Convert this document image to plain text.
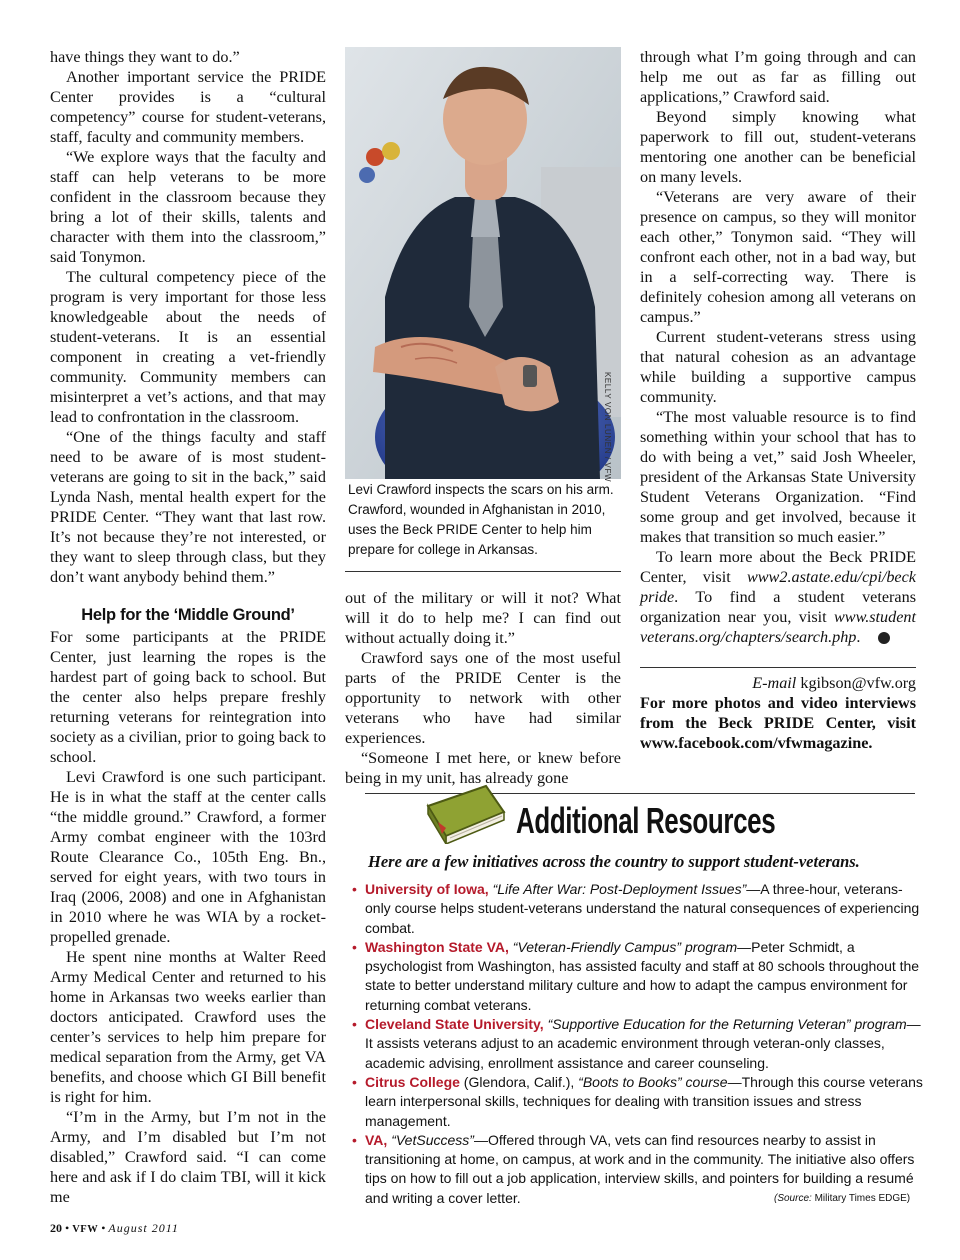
have things they want to do.”

Another important service the PRIDE Center provides is a “cultural competency” course for student-veterans, staff, faculty and community members.

“We explore ways that the faculty and staff can help veterans to be more confident in the classroom because they bring a lot of their skills, talents and character with them into the classroom,” said Tonymon.

The cultural competency piece of the program is very important for those less knowledgeable about the needs of student-veterans. It is an essential component in creating a vet-friendly community. Community members can misinterpret a vet’s actions, and that may lead to confrontation in the classroom.

“One of the things faculty and staff need to be aware of is most student-veterans are going to sit in the back,” said Lynda Nash, mental health expert for the PRIDE Center. “They want that last row. It’s not because they’re not interested, or they want to sleep through class, but they don’t want anybody behind them.”

Help for the ‘Middle Ground’

For some participants at the PRIDE Center, just learning the ropes is the hardest part of going back to school. But the center also helps prepare freshly returning veterans for reintegration into society as a civilian, prior to going back to school.

Levi Crawford is one such participant. He is in what the staff at the center calls “the middle ground.” Crawford, a former Army combat engineer with the 103rd Route Clearance Co., 105th Eng. Bn., served for eight years, with two tours in Iraq (2006, 2008) and one in Afghanistan in 2010 where he was WIA by a rocket-propelled grenade.

He spent nine months at Walter Reed Army Medical Center and returned to his home in Arkansas two weeks earlier than doctors anticipated. Crawford uses the center’s services to help him prepare for medical separation from the Army, get VA benefits, and choose which GI Bill benefit is right for him.

“I’m in the Army, but I’m not in the Army, and I’m disabled but I’m not disabled,” Crawford said. “I can come here and ask if I do claim TBI, will it kick me

KELLY VON LUNEN / VFW
Levi Crawford inspects the scars on his arm. Crawford, wounded in Afghanistan in 2010, uses the Beck PRIDE Center to help him prepare for college in Arkansas.

out of the military or will it not? What will it do to help me? I can find out without actually doing it.”

Crawford says one of the most useful parts of the PRIDE Center is the opportunity to network with other veterans who have had similar experiences.

“Someone I met here, or knew before being in my unit, has already gone

through what I’m going through and can help me out as far as filling out applications,” Crawford said.

Beyond simply knowing what paperwork to fill out, student-veterans mentoring one another can be beneficial on many levels.

“Veterans are very aware of their presence on campus, so they will monitor each other,” Tonymon said. “They will confront each other, not in a bad way, but in a self-correcting way. There is definitely cohesion among all veterans on campus.”

Current student-veterans stress using that natural cohesion as an advantage while building a supportive campus community.

“The most valuable resource is to find something within your school that has to do with being a vet,” said Josh Wheeler, president of the Arkansas State University Student Veterans Organization. “Find some group and get involved, because it makes that transition so much easier.”

To learn more about the Beck PRIDE Center, visit www2.astate.edu/cpi/beck pride. To find a student veterans organization near you, visit www.student veterans.org/chapters/search.php.	✱

E-mail kgibson@vfw.org
For more photos and video interviews from the Beck PRIDE Center, visit www.facebook.com/vfwmagazine.
Additional Resources
Here are a few initiatives across the country to support student-veterans.
• University of Iowa, “Life After War: Post-Deployment Issues”—A three-hour, veterans-only course helps student-veterans understand the natural consequences of experiencing combat.
• Washington State VA, “Veteran-Friendly Campus” program—Peter Schmidt, a psychologist from Washington, has assisted faculty and staff at 80 schools throughout the state to better understand military culture and how to adapt the campus environment for returning combat veterans.
• Cleveland State University, “Supportive Education for the Returning Veteran” program—It assists veterans adjust to an academic environment through veteran-only classes, academic advising, enrollment assistance and career counseling.
• Citrus College (Glendora, Calif.), “Boots to Books” course—Through this course veterans learn interpersonal skills, techniques for dealing with transition issues and stress management.
• VA, “VetSuccess”—Offered through VA, vets can find resources nearby to assist in transitioning at home, on campus, at work and in the community. The initiative also offers tips on how to fill out a job application, interview skills, and pointers for building a resumé and writing a cover letter.	(Source: Military Times EDGE)
20 • VFW • August 2011
